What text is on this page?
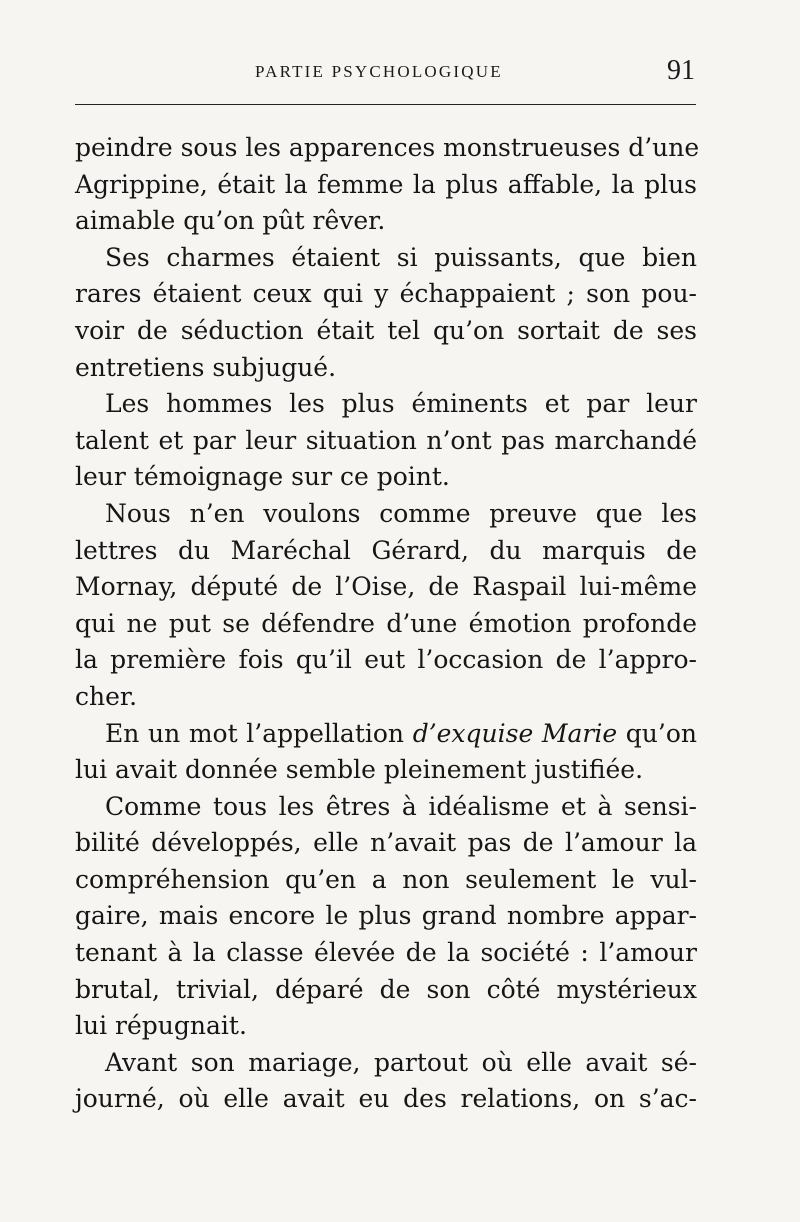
PARTIE PSYCHOLOGIQUE	91
peindre sous les apparences monstrueuses d’une
Agrippine, était la femme la plus affable, la plus
aimable qu’on pût rêver.
Ses charmes étaient si puissants, que bien
rares étaient ceux qui y échappaient ; son pou-
voir de séduction était tel qu’on sortait de ses
entretiens subjugué.
Les hommes les plus éminents et par leur
talent et par leur situation n’ont pas marchandé
leur témoignage sur ce point.
Nous n’en voulons comme preuve que les
lettres du Maréchal Gérard, du marquis de
Mornay, député de l’Oise, de Raspail lui-même
qui ne put se défendre d’une émotion profonde
la première fois qu’il eut l’occasion de l’appro-
cher.
En un mot l’appellation d’exquise Marie qu’on
lui avait donnée semble pleinement justifiée.
Comme tous les êtres à idéalisme et à sensi-
bilité développés, elle n’avait pas de l’amour la
compréhension qu’en a non seulement le vul-
gaire, mais encore le plus grand nombre appar-
tenant à la classe élevée de la société : l’amour
brutal, trivial, déparé de son côté mystérieux
lui répugnait.
Avant son mariage, partout où elle avait sé-
journé, où elle avait eu des relations, on s’ac-
